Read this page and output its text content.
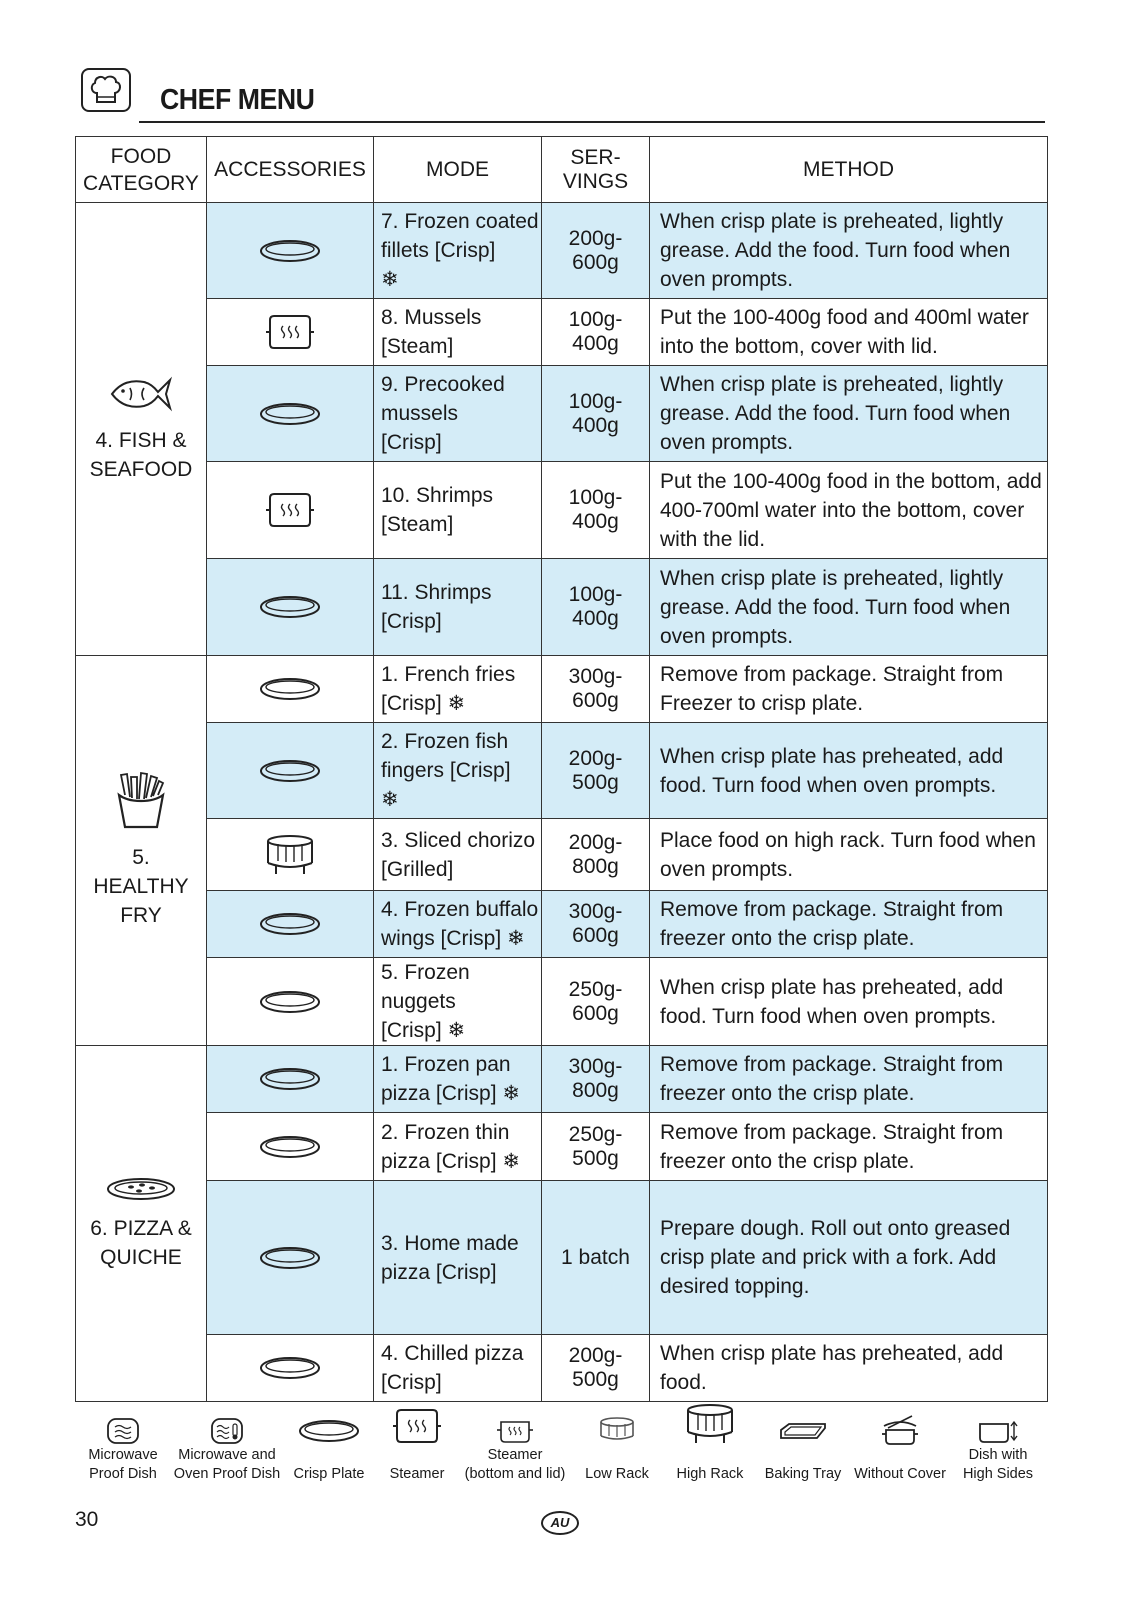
CHEF MENU
FOOD
CATEGORY	ACCESSORIES	MODE	SER-
VINGS	METHOD

4. FISH &
SEAFOOD		7. Frozen coated
fillets [Crisp]
❄	200g-
600g	When crisp plate is preheated, lightly grease. Add the food. Turn food when oven prompts.

	8. Mussels
[Steam]	100g-
400g	Put the 100-400g food and 400ml water into the bottom, cover with lid.

	9. Precooked
mussels
[Crisp]	100g-
400g	When crisp plate is preheated, lightly grease. Add the food. Turn food when oven prompts.

	10. Shrimps
[Steam]	100g-
400g	Put the 100-400g food in the bottom, add 400-700ml water into the bottom, cover with the lid.

	11. Shrimps
[Crisp]	100g-
400g	When crisp plate is preheated, lightly grease. Add the food. Turn food when oven prompts.

5.
HEALTHY
FRY		1. French fries
[Crisp] ❄	300g-
600g	Remove from package. Straight from Freezer to crisp plate.

	2. Frozen fish
fingers [Crisp]
❄	200g-
500g	When crisp plate has preheated, add food. Turn food when oven prompts.

	3. Sliced chorizo
[Grilled]	200g-
800g	Place food on high rack. Turn food when oven prompts.

	4. Frozen buffalo
wings [Crisp] ❄	300g-
600g	Remove from package. Straight from freezer onto the crisp plate.

	5. Frozen nuggets
[Crisp] ❄	250g-
600g	When crisp plate has preheated, add food. Turn food when oven prompts.

6. PIZZA &
QUICHE		1. Frozen pan
pizza [Crisp] ❄	300g-
800g	Remove from package. Straight from freezer onto the crisp plate.

	2. Frozen thin
pizza [Crisp] ❄	250g-
500g	Remove from package. Straight from freezer onto the crisp plate.

	3. Home made
pizza [Crisp]	1 batch	Prepare dough. Roll out onto greased crisp plate and prick with a fork. Add desired topping.

	4. Chilled pizza
[Crisp]	200g-
500g	When crisp plate has preheated, add food.
Microwave
Proof Dish
Microwave and
Oven Proof Dish Crisp Plate	Steamer
Steamer
(bottom and lid)	Low Rack	High Rack	Baking Tray Without Cover
Dish with
High Sides
30	AU
